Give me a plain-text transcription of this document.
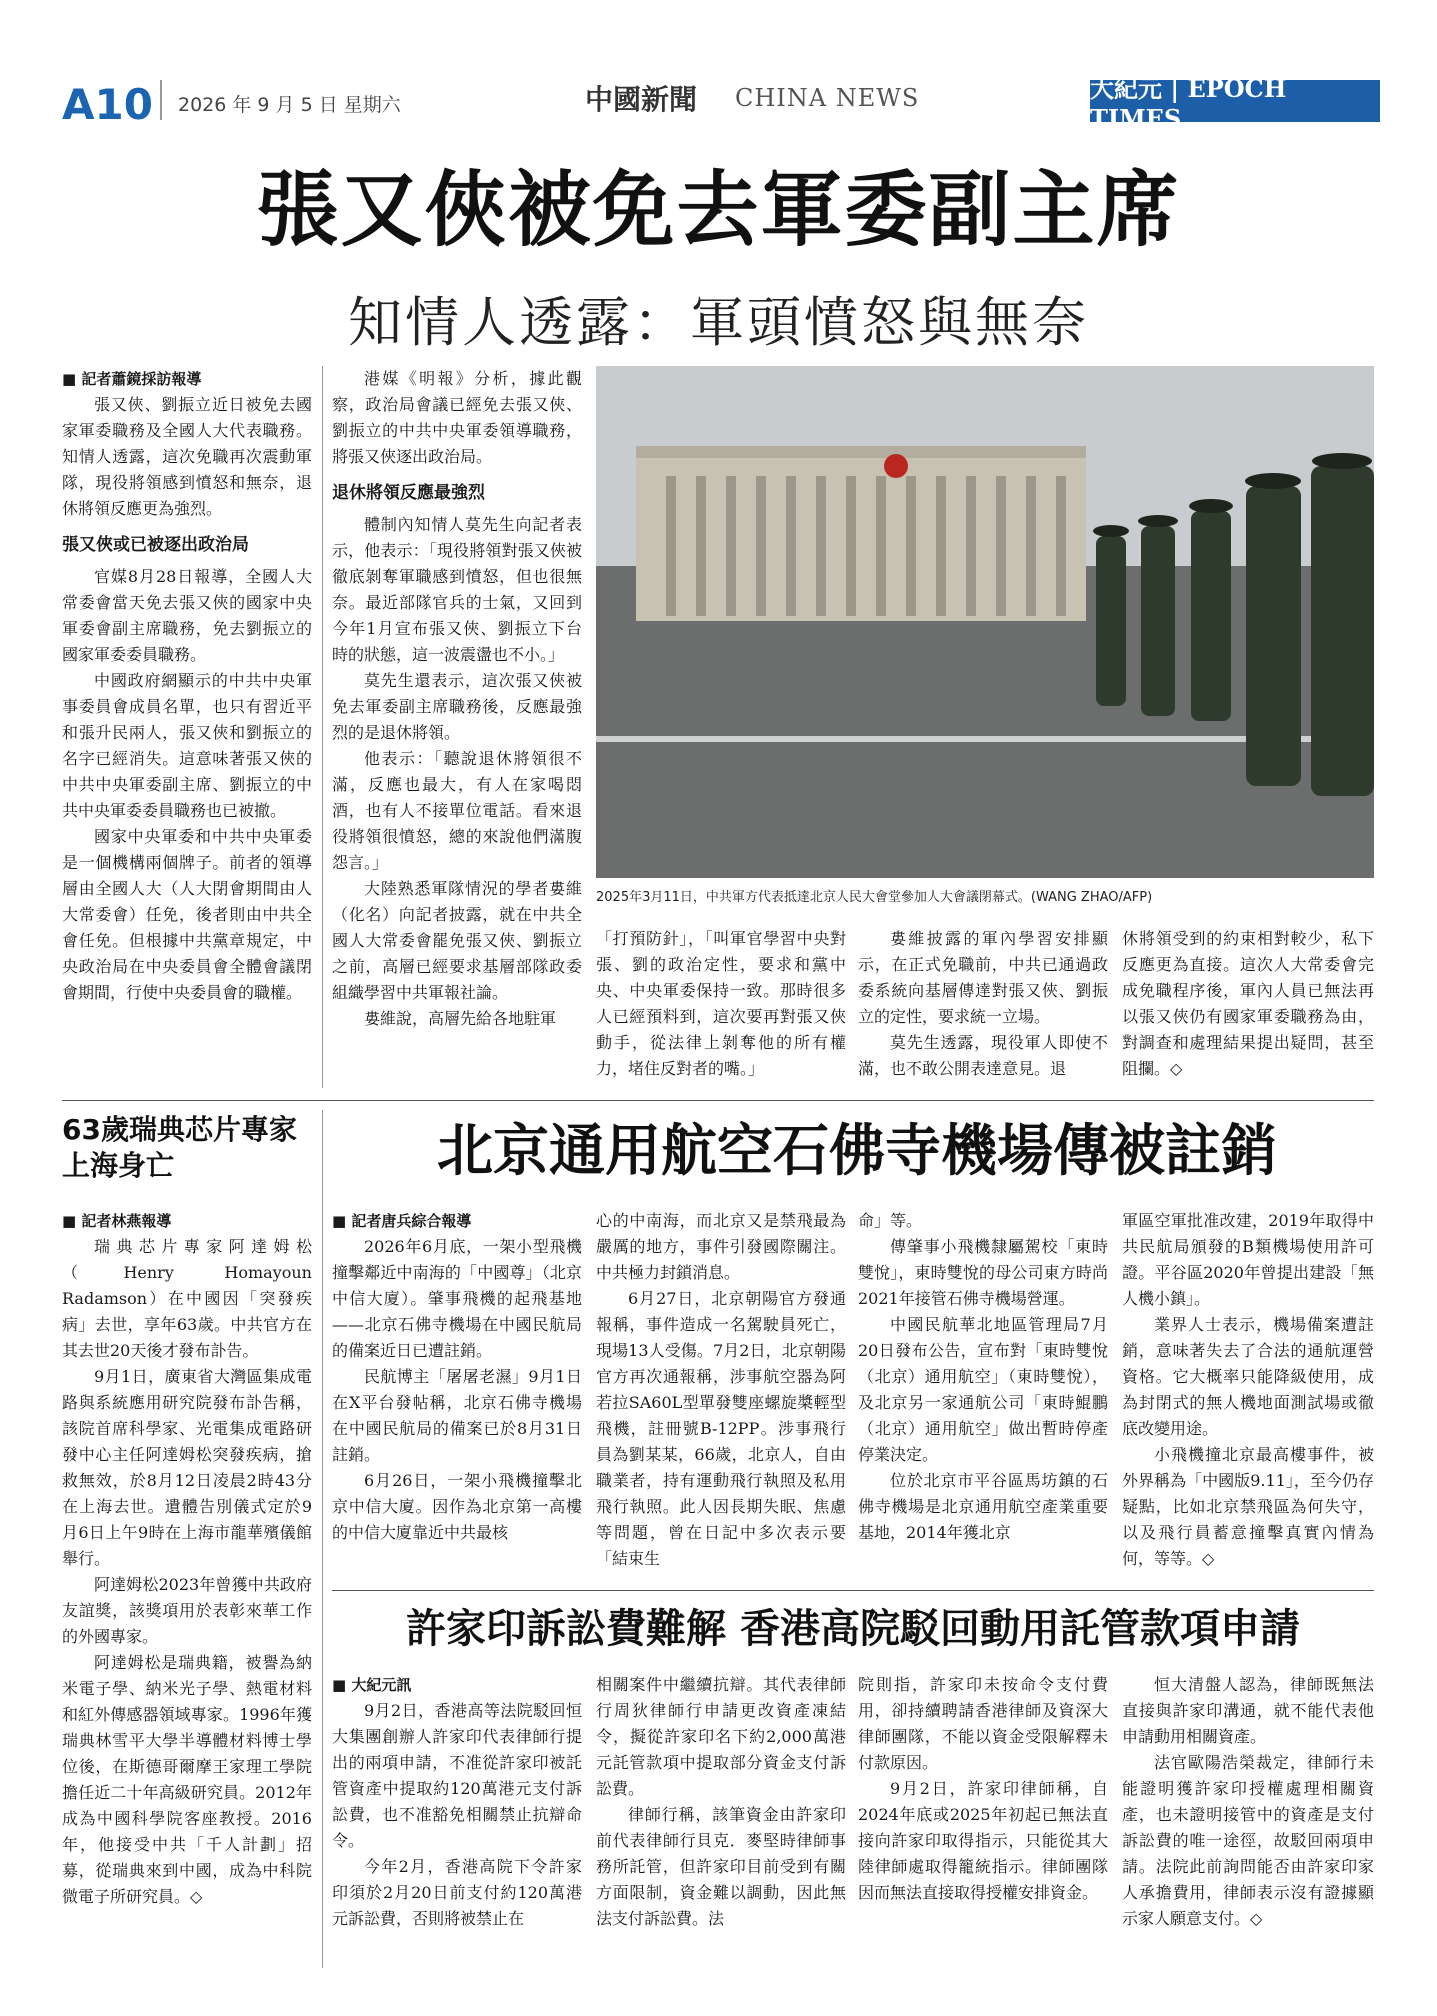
A10 2026 年 9 月 5 日 星期六	中國新聞 CHINA NEWS	大紀元 | EPOCH TIMES
張又俠被免去軍委副主席
知情人透露：軍頭憤怒與無奈

■ 記者蕭鏡採訪報導

張又俠、劉振立近日被免去國家軍委職務及全國人大代表職務。知情人透露，這次免職再次震動軍隊，現役將領感到憤怒和無奈，退休將領反應更為強烈。

張又俠或已被逐出政治局

官媒8月28日報導，全國人大常委會當天免去張又俠的國家中央軍委會副主席職務，免去劉振立的國家軍委委員職務。

中國政府網顯示的中共中央軍事委員會成員名單，也只有習近平和張升民兩人，張又俠和劉振立的名字已經消失。這意味著張又俠的中共中央軍委副主席、劉振立的中共中央軍委委員職務也已被撤。

國家中央軍委和中共中央軍委是一個機構兩個牌子。前者的領導層由全國人大（人大閉會期間由人大常委會）任免，後者則由中共全會任免。但根據中共黨章規定，中央政治局在中央委員會全體會議閉會期間，行使中央委員會的職權。

港媒《明報》分析，據此觀察，政治局會議已經免去張又俠、劉振立的中共中央軍委領導職務，將張又俠逐出政治局。

退休將領反應最強烈

體制內知情人莫先生向記者表示，他表示：「現役將領對張又俠被徹底剝奪軍職感到憤怒，但也很無奈。最近部隊官兵的士氣，又回到今年1月宣布張又俠、劉振立下台時的狀態，這一波震盪也不小。」

莫先生還表示，這次張又俠被免去軍委副主席職務後，反應最強烈的是退休將領。

他表示：「聽說退休將領很不滿，反應也最大，有人在家喝悶酒，也有人不接單位電話。看來退役將領很憤怒，總的來說他們滿腹怨言。」

大陸熟悉軍隊情況的學者婁維（化名）向記者披露，就在中共全國人大常委會罷免張又俠、劉振立之前，高層已經要求基層部隊政委組織學習中共軍報社論。

婁維說，高層先給各地駐軍

2025年3月11日，中共軍方代表抵達北京人民大會堂參加人大會議閉幕式。(WANG ZHAO/AFP)

「打預防針」，「叫軍官學習中央對張、劉的政治定性，要求和黨中央、中央軍委保持一致。那時很多人已經預料到，這次要再對張又俠動手，從法律上剝奪他的所有權力，堵住反對者的嘴。」

婁維披露的軍內學習安排顯示，在正式免職前，中共已通過政委系統向基層傳達對張又俠、劉振立的定性，要求統一立場。

莫先生透露，現役軍人即使不滿，也不敢公開表達意見。退

休將領受到的約束相對較少，私下反應更為直接。這次人大常委會完成免職程序後，軍內人員已無法再以張又俠仍有國家軍委職務為由，對調查和處理結果提出疑問，甚至阻攔。◇

63歲瑞典芯片專家上海身亡

■ 記者林燕報導

瑞典芯片專家阿達姆松（Henry Homayoun Radamson）在中國因「突發疾病」去世，享年63歲。中共官方在其去世20天後才發布訃告。

9月1日，廣東省大灣區集成電路與系統應用研究院發布訃告稱，該院首席科學家、光電集成電路研發中心主任阿達姆松突發疾病，搶救無效，於8月12日凌晨2時43分在上海去世。遺體告別儀式定於9月6日上午9時在上海市龍華殯儀館舉行。

阿達姆松2023年曾獲中共政府友誼獎，該獎項用於表彰來華工作的外國專家。

阿達姆松是瑞典籍，被譽為納米電子學、納米光子學、熱電材料和紅外傳感器領域專家。1996年獲瑞典林雪平大學半導體材料博士學位後，在斯德哥爾摩王家理工學院擔任近二十年高級研究員。2012年成為中國科學院客座教授。2016年，他接受中共「千人計劃」招募，從瑞典來到中國，成為中科院微電子所研究員。◇

北京通用航空石佛寺機場傳被註銷

■ 記者唐兵綜合報導

2026年6月底，一架小型飛機撞擊鄰近中南海的「中國尊」（北京中信大廈）。肇事飛機的起飛基地——北京石佛寺機場在中國民航局的備案近日已遭註銷。

民航博主「屠屠老濕」9月1日在X平台發帖稱，北京石佛寺機場在中國民航局的備案已於8月31日註銷。

6月26日，一架小飛機撞擊北京中信大廈。因作為北京第一高樓的中信大廈靠近中共最核

心的中南海，而北京又是禁飛最為嚴厲的地方，事件引發國際關注。中共極力封鎖消息。

6月27日，北京朝陽官方發通報稱，事件造成一名駕駛員死亡，現場13人受傷。7月2日，北京朝陽官方再次通報稱，涉事航空器為阿若拉SA60L型單發雙座螺旋槳輕型飛機，註冊號B-12PP。涉事飛行員為劉某某，66歲，北京人，自由職業者，持有運動飛行執照及私用飛行執照。此人因長期失眠、焦慮等問題，曾在日記中多次表示要「結束生

命」等。

傳肇事小飛機隸屬駕校「東時雙悅」，東時雙悅的母公司東方時尚2021年接管石佛寺機場營運。

中國民航華北地區管理局7月20日發布公告，宣布對「東時雙悅（北京）通用航空」（東時雙悅），及北京另一家通航公司「東時鯤鵬（北京）通用航空」做出暫時停產停業決定。

位於北京市平谷區馬坊鎮的石佛寺機場是北京通用航空產業重要基地，2014年獲北京

軍區空軍批准改建，2019年取得中共民航局頒發的B類機場使用許可證。平谷區2020年曾提出建設「無人機小鎮」。

業界人士表示，機場備案遭註銷，意味著失去了合法的通航運營資格。它大概率只能降級使用，成為封閉式的無人機地面測試場或徹底改變用途。

小飛機撞北京最高樓事件，被外界稱為「中國版9.11」，至今仍存疑點，比如北京禁飛區為何失守，以及飛行員蓄意撞擊真實內情為何，等等。◇

許家印訴訟費難解 香港高院駁回動用託管款項申請

■ 大紀元訊

9月2日，香港高等法院駁回恒大集團創辦人許家印代表律師行提出的兩項申請，不准從許家印被託管資產中提取約120萬港元支付訴訟費，也不准豁免相關禁止抗辯命令。

今年2月，香港高院下令許家印須於2月20日前支付約120萬港元訴訟費，否則將被禁止在

相關案件中繼續抗辯。其代表律師行周狄律師行申請更改資產凍結令，擬從許家印名下約2,000萬港元託管款項中提取部分資金支付訴訟費。

律師行稱，該筆資金由許家印前代表律師行貝克．麥堅時律師事務所託管，但許家印目前受到有關方面限制，資金難以調動，因此無法支付訴訟費。法

院則指，許家印未按命令支付費用，卻持續聘請香港律師及資深大律師團隊，不能以資金受限解釋未付款原因。

9月2日，許家印律師稱，自2024年底或2025年初起已無法直接向許家印取得指示，只能從其大陸律師處取得籠統指示。律師團隊因而無法直接取得授權安排資金。

恒大清盤人認為，律師既無法直接與許家印溝通，就不能代表他申請動用相關資產。

法官歐陽浩榮裁定，律師行未能證明獲許家印授權處理相關資產，也未證明接管中的資產是支付訴訟費的唯一途徑，故駁回兩項申請。法院此前詢問能否由許家印家人承擔費用，律師表示沒有證據顯示家人願意支付。◇
